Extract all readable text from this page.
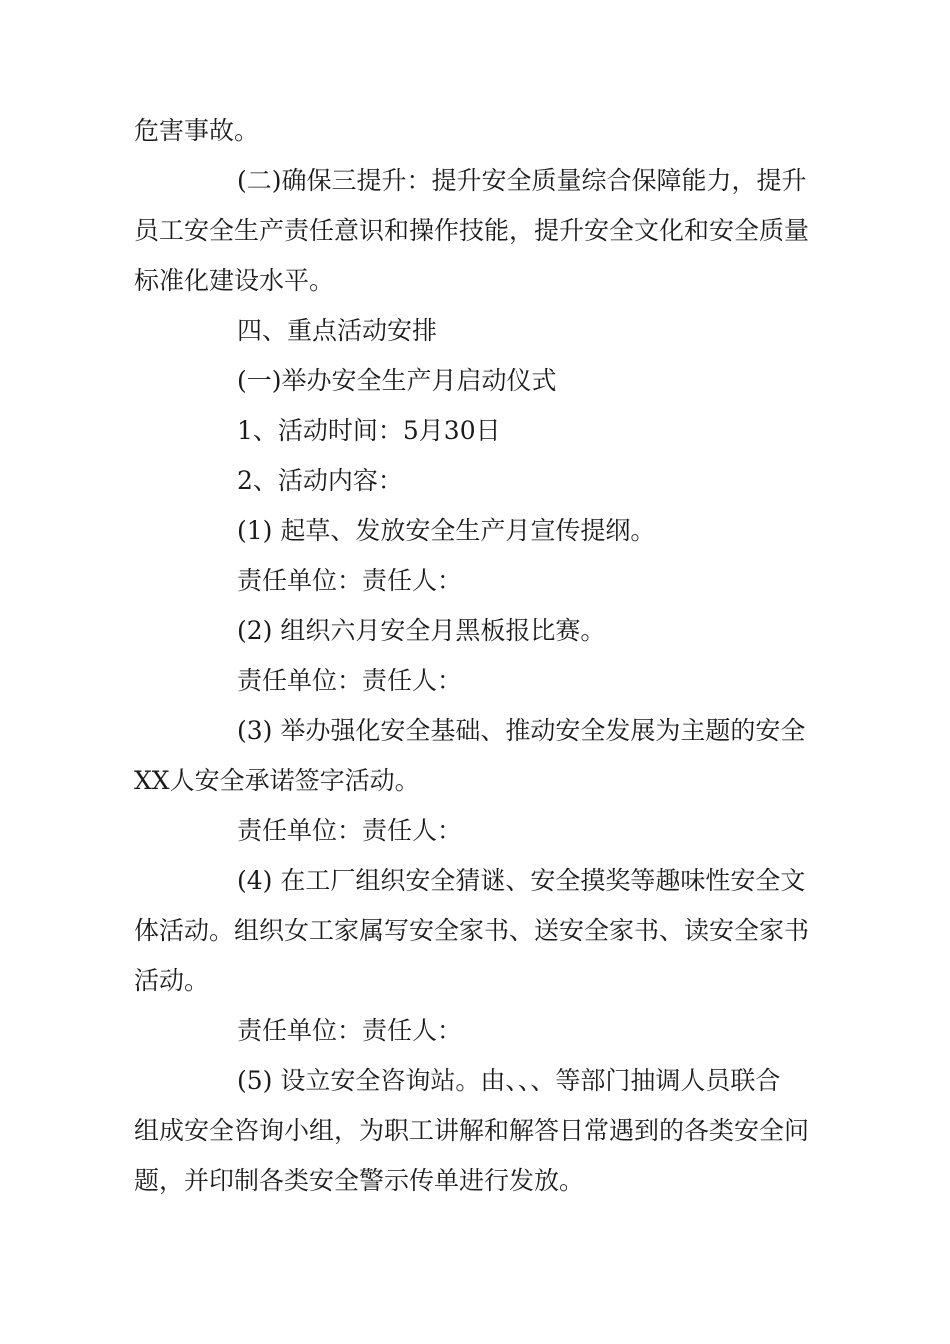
危害事故。

(二)确保三提升：提升安全质量综合保障能力，提升

员工安全生产责任意识和操作技能，提升安全文化和安全质量

标准化建设水平。

四、重点活动安排

(一)举办安全生产月启动仪式

1、活动时间：5月30日

2、活动内容：

(1) 起草、发放安全生产月宣传提纲。

责任单位：责任人：

(2) 组织六月安全月黑板报比赛。

责任单位：责任人：

(3) 举办强化安全基础、推动安全发展为主题的安全

XX人安全承诺签字活动。

责任单位：责任人：

(4) 在工厂组织安全猜谜、安全摸奖等趣味性安全文

体活动。组织女工家属写安全家书、送安全家书、读安全家书

活动。

责任单位：责任人：

(5) 设立安全咨询站。由、、、等部门抽调人员联合

组成安全咨询小组，为职工讲解和解答日常遇到的各类安全问

题，并印制各类安全警示传单进行发放。
